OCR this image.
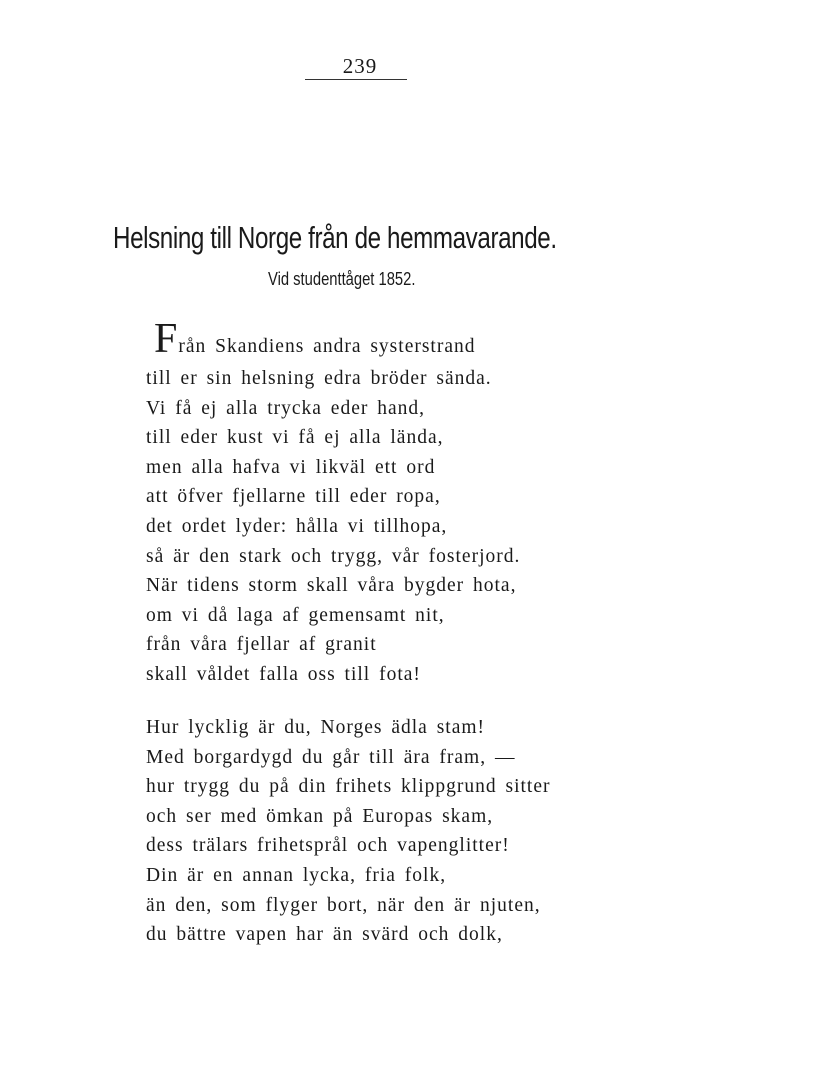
239
Helsning till Norge från de hemmavarande.

Vid studenttåget 1852.

Från Skandiens andra systerstrand
till er sin helsning edra bröder sända.
Vi få ej alla trycka eder hand,
till eder kust vi få ej alla lända,
men alla hafva vi likväl ett ord
att öfver fjellarne till eder ropa,
det ordet lyder: hålla vi tillhopa,
så är den stark och trygg, vår fosterjord.
När tidens storm skall våra bygder hota,
om vi då laga af gemensamt nit,
från våra fjellar af granit
skall våldet falla oss till fota!
Hur lycklig är du, Norges ädla stam!
Med borgardygd du går till ära fram, —
hur trygg du på din frihets klippgrund sitter
och ser med ömkan på Europas skam,
dess trälars frihetsprål och vapenglitter!
Din är en annan lycka, fria folk,
än den, som flyger bort, när den är njuten,
du bättre vapen har än svärd och dolk,
